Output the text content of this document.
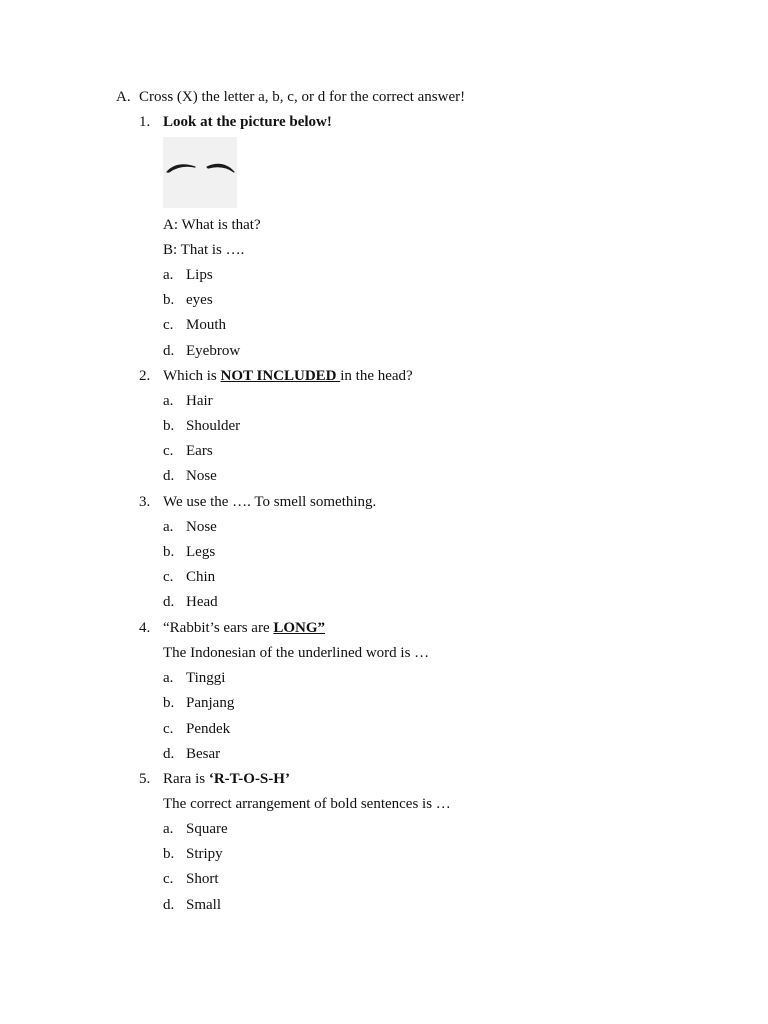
A. Cross (X) the letter a, b, c, or d for the correct answer!
1. Look at the picture below!
A: What is that?
B: That is ….
a. Lips
b. eyes
c. Mouth
d. Eyebrow
2. Which is NOT INCLUDED in the head?
a. Hair
b. Shoulder
c. Ears
d. Nose
3. We use the …. To smell something.
a. Nose
b. Legs
c. Chin
d. Head
4. “Rabbit’s ears are LONG”
The Indonesian of the underlined word is …
a. Tinggi
b. Panjang
c. Pendek
d. Besar
5. Rara is ‘R-T-O-S-H’
The correct arrangement of bold sentences is …
a. Square
b. Stripy
c. Short
d. Small
